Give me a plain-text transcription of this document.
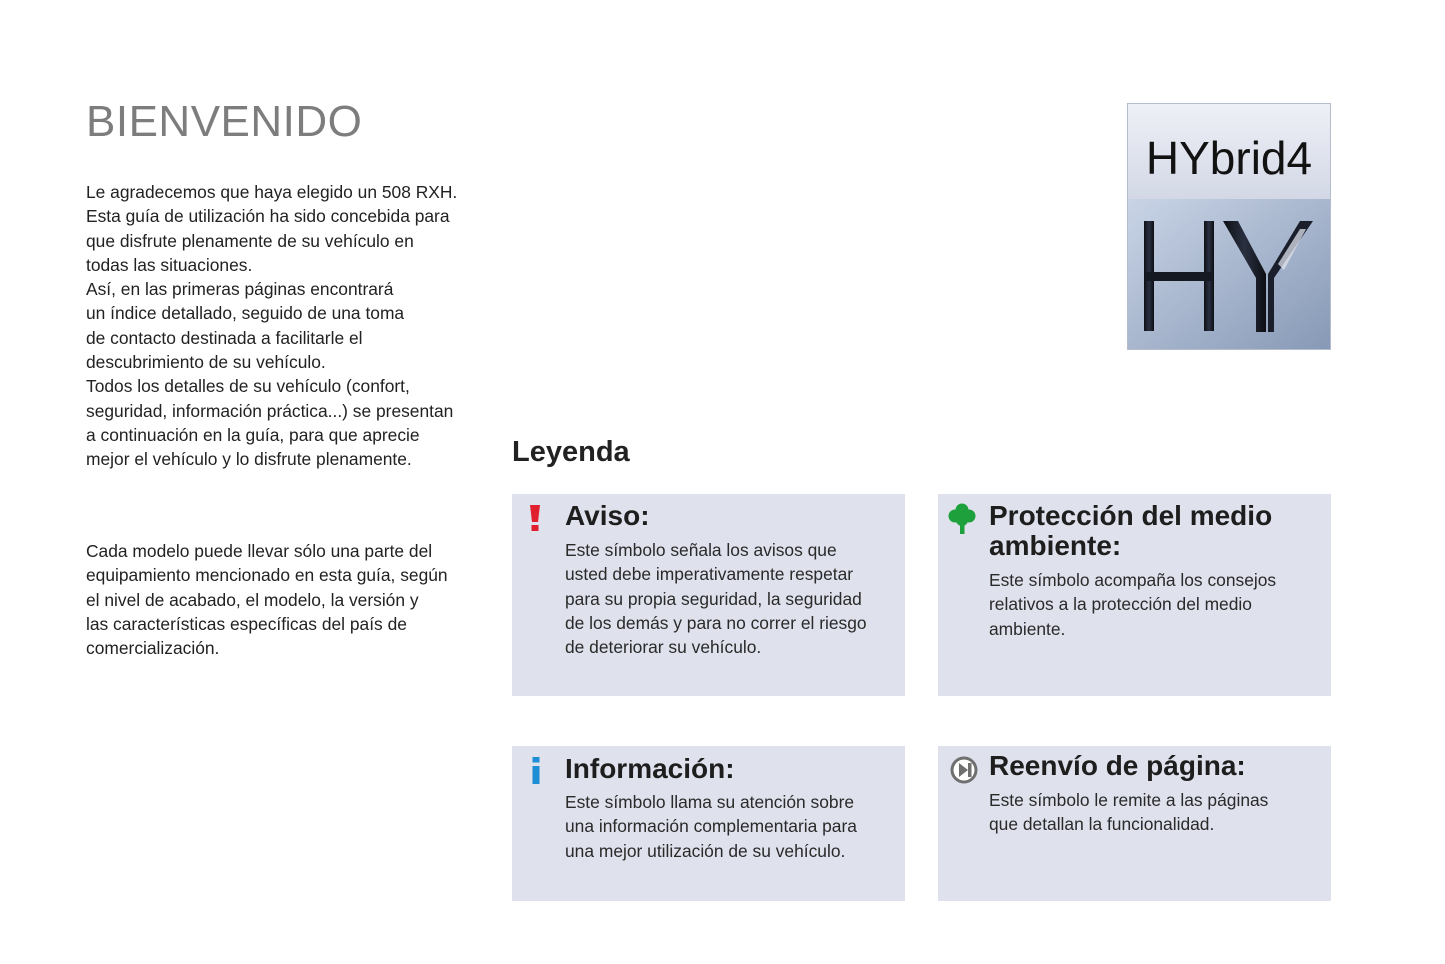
BIENVENIDO

Le agradecemos que haya elegido un 508 RXH.

Esta guía de utilización ha sido concebida para

que disfrute plenamente de su vehículo en

todas las situaciones.

Así, en las primeras páginas encontrará

un índice detallado, seguido de una toma

de contacto destinada a facilitarle el

descubrimiento de su vehículo.

Todos los detalles de su vehículo (confort,

seguridad, información práctica...) se presentan

a continuación en la guía, para que aprecie

mejor el vehículo y lo disfrute plenamente.

Cada modelo puede llevar sólo una parte del
equipamiento mencionado en esta guía, según
el nivel de acabado, el modelo, la versión y
las características específicas del país de
comercialización.
HYbrid4
Leyenda
Aviso:

Este símbolo señala los avisos que
usted debe imperativamente respetar
para su propia seguridad, la seguridad
de los demás y para no correr el riesgo
de deteriorar su vehículo.

Protección del medio
ambiente:

Este símbolo acompaña los consejos
relativos a la protección del medio
ambiente.

Información:

Este símbolo llama su atención sobre
una información complementaria para
una mejor utilización de su vehículo.

Reenvío de página:

Este símbolo le remite a las páginas
que detallan la funcionalidad.
